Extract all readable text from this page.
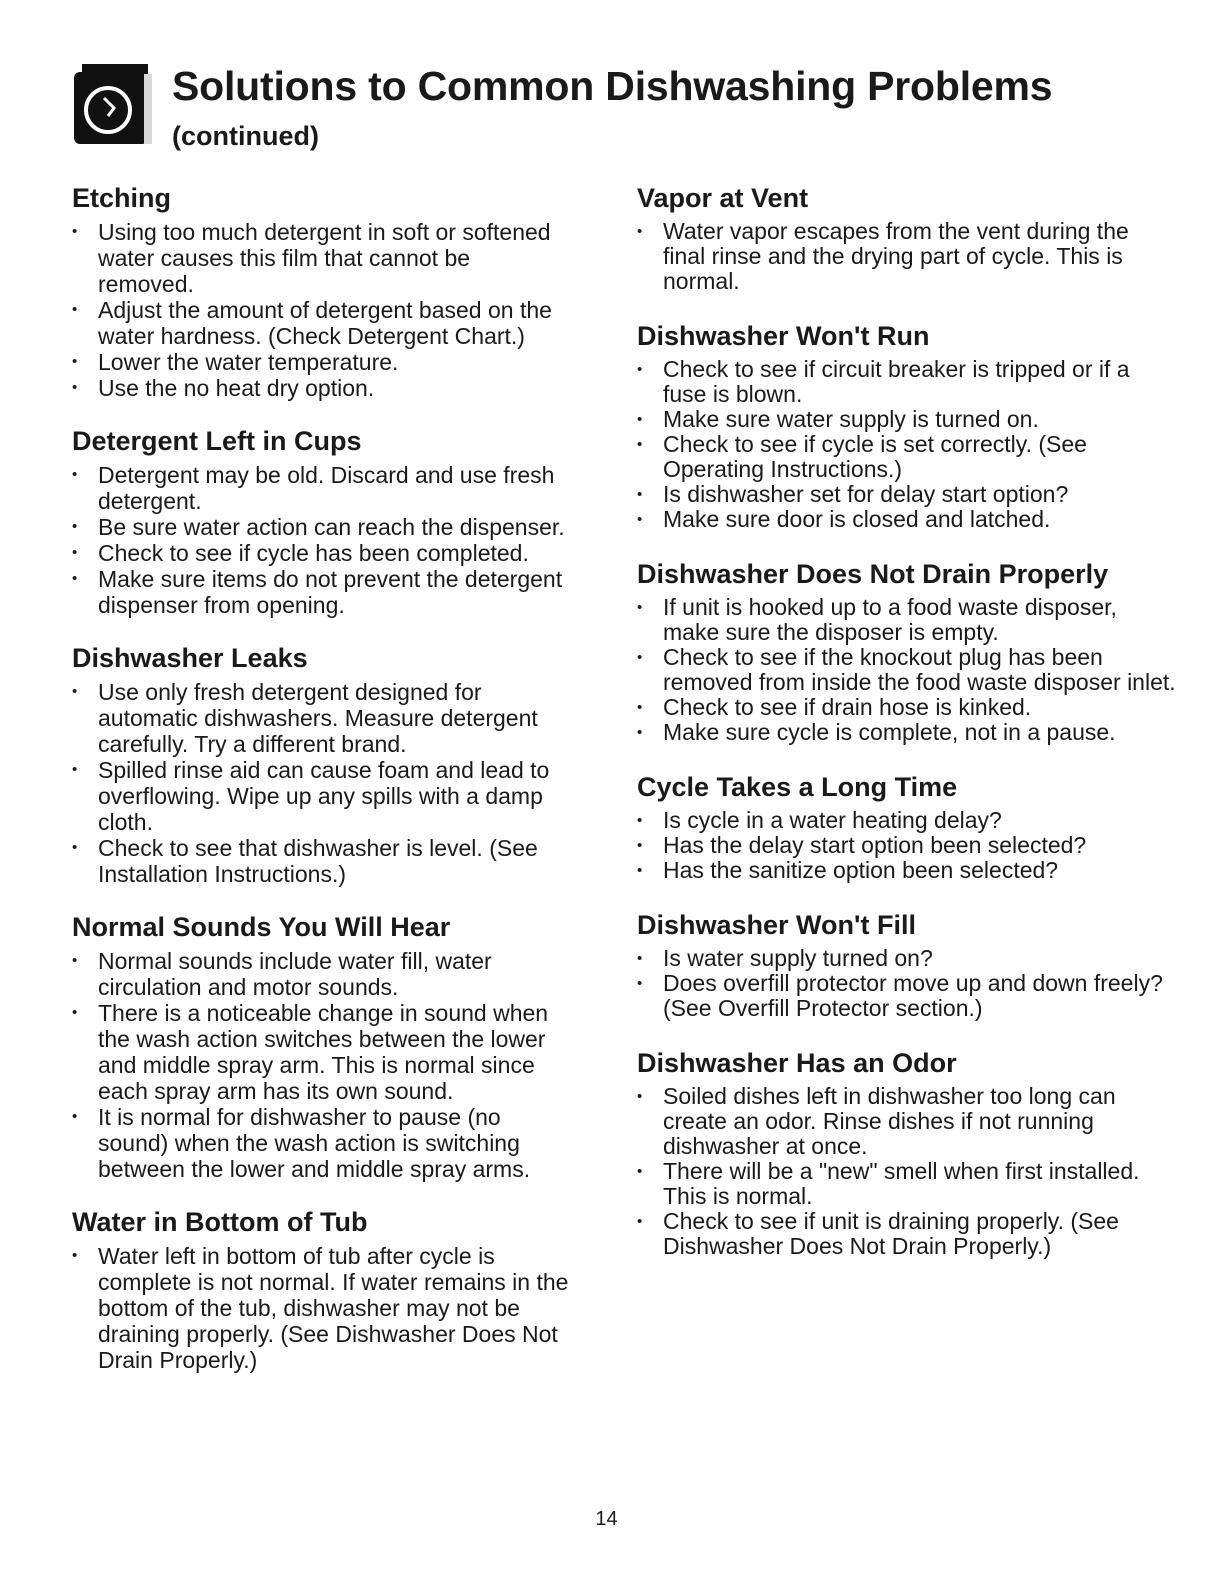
Solutions to Common Dishwashing Problems
(continued)
Etching
• Using too much detergent in soft or softened water causes this film that cannot be removed.
• Adjust the amount of detergent based on the water hardness. (Check Detergent Chart.)
• Lower the water temperature.
• Use the no heat dry option.
Detergent Left in Cups
• Detergent may be old. Discard and use fresh detergent.
• Be sure water action can reach the dispenser.
• Check to see if cycle has been completed.
• Make sure items do not prevent the detergent dispenser from opening.
Dishwasher Leaks
• Use only fresh detergent designed for automatic dishwashers. Measure detergent carefully. Try a different brand.
• Spilled rinse aid can cause foam and lead to overflowing. Wipe up any spills with a damp cloth.
• Check to see that dishwasher is level. (See Installation Instructions.)
Normal Sounds You Will Hear
• Normal sounds include water fill, water circulation and motor sounds.
• There is a noticeable change in sound when the wash action switches between the lower and middle spray arm. This is normal since each spray arm has its own sound.
• It is normal for dishwasher to pause (no sound) when the wash action is switching between the lower and middle spray arms.
Water in Bottom of Tub
• Water left in bottom of tub after cycle is complete is not normal. If water remains in the bottom of the tub, dishwasher may not be draining properly. (See Dishwasher Does Not Drain Properly.)
Vapor at Vent
• Water vapor escapes from the vent during the final rinse and the drying part of cycle. This is normal.
Dishwasher Won't Run
• Check to see if circuit breaker is tripped or if a fuse is blown.
• Make sure water supply is turned on.
• Check to see if cycle is set correctly. (See Operating Instructions.)
• Is dishwasher set for delay start option?
• Make sure door is closed and latched.
Dishwasher Does Not Drain Properly
• If unit is hooked up to a food waste disposer, make sure the disposer is empty.
• Check to see if the knockout plug has been removed from inside the food waste disposer inlet.
• Check to see if drain hose is kinked.
• Make sure cycle is complete, not in a pause.
Cycle Takes a Long Time
• Is cycle in a water heating delay?
• Has the delay start option been selected?
• Has the sanitize option been selected?
Dishwasher Won't Fill
• Is water supply turned on?
• Does overfill protector move up and down freely? (See Overfill Protector section.)
Dishwasher Has an Odor
• Soiled dishes left in dishwasher too long can create an odor. Rinse dishes if not running dishwasher at once.
• There will be a "new" smell when first installed. This is normal.
• Check to see if unit is draining properly. (See Dishwasher Does Not Drain Properly.)
14
